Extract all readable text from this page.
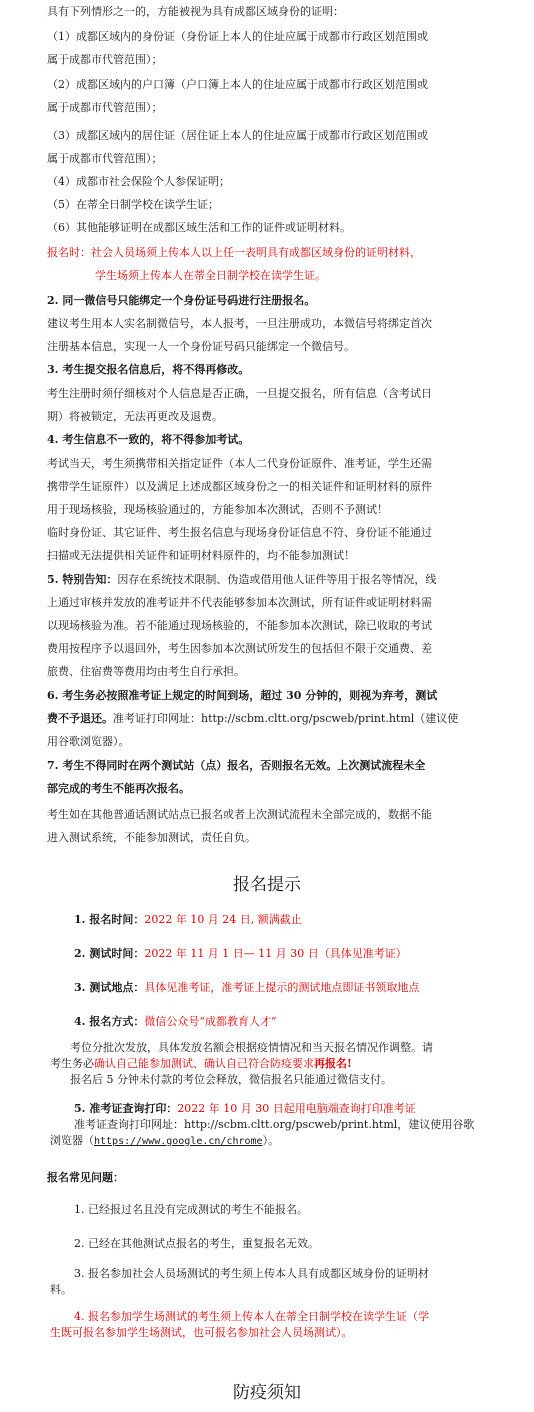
具有下列情形之一的，方能被视为具有成都区域身份的证明：
（1）成都区域内的身份证（身份证上本人的住址应属于成都市行政区划范围或
属于成都市代管范围）；
（2）成都区域内的户口簿（户口簿上本人的住址应属于成都市行政区划范围或
属于成都市代管范围）；
（3）成都区域内的居住证（居住证上本人的住址应属于成都市行政区划范围或
属于成都市代管范围）；
（4）成都市社会保险个人参保证明；
（5）在蒂全日制学校在读学生证；
（6）其他能够证明在成都区域生活和工作的证件或证明材料。
报名时：社会人员场须上传本人以上任一表明具有成都区域身份的证明材料，
学生场须上传本人在蒂全日制学校在读学生证。
2. 同一微信号只能绑定一个身份证号码进行注册报名。
建议考生用本人实名制微信号，本人报考，一旦注册成功，本微信号将绑定首次
注册基本信息，实现一人一个身份证号码只能绑定一个微信号。
3. 考生提交报名信息后，将不得再修改。
考生注册时须仔细核对个人信息是否正确，一旦提交报名，所有信息（含考试日
期）将被锁定，无法再更改及退费。
4. 考生信息不一致的，将不得参加考试。
考试当天，考生须携带相关指定证件（本人二代身份证原件、准考证，学生还需
携带学生证原件）以及满足上述成都区域身份之一的相关证件和证明材料的原件
用于现场核验，现场核验通过的，方能参加本次测试，否则不予测试！
临时身份证、其它证件、考生报名信息与现场身份证信息不符、身份证不能通过
扫描或无法提供相关证件和证明材料原件的，均不能参加测试！
5. 特别告知：因存在系统技术限制、伪造或借用他人证件等用于报名等情况，线
上通过审核并发放的准考证并不代表能够参加本次测试，所有证件或证明材料需
以现场核验为准。若不能通过现场核验的，不能参加本次测试，除已收取的考试
费用按程序予以退回外，考生因参加本次测试所发生的包括但不限于交通费、差
旅费、住宿费等费用均由考生自行承担。
6. 考生务必按照准考证上规定的时间到场，超过 30 分钟的，则视为弃考，测试
费不予退还。准考证打印网址：http://scbm.cltt.org/pscweb/print.html（建议使
用谷歌浏览器）。
7. 考生不得同时在两个测试站（点）报名，否则报名无效。上次测试流程未全
部完成的考生不能再次报名。
考生如在其他普通话测试站点已报名或者上次测试流程未全部完成的，数据不能
进入测试系统，不能参加测试，责任自负。
报名提示
1. 报名时间：2022 年 10 月 24 日, 额满截止
2. 测试时间：2022 年 11 月 1 日— 11 月 30 日（具体见准考证）
3. 测试地点：具体见准考证，准考证上提示的测试地点即证书领取地点
4. 报名方式：微信公众号“成都教育人才”
考位分批次发放，具体发放名额会根据疫情情况和当天报名情况作调整。请
考生务必确认自己能参加测试、确认自己符合防疫要求再报名!
报名后 5 分钟未付款的考位会释放，微信报名只能通过微信支付。
5. 准考证查询打印：2022 年 10 月 30 日起用电脑端查询打印准考证
准考证查询打印网址：http://scbm.cltt.org/pscweb/print.html，建议使用谷歌
浏览器（https://www.google.cn/chrome）。
报名常见问题：
1. 已经报过名且没有完成测试的考生不能报名。
2. 已经在其他测试点报名的考生，重复报名无效。
3. 报名参加社会人员场测试的考生须上传本人具有成都区域身份的证明材
料。
4. 报名参加学生场测试的考生须上传本人在蒂全日制学校在读学生证（学
生既可报名参加学生场测试，也可报名参加社会人员场测试）。
防疫须知
